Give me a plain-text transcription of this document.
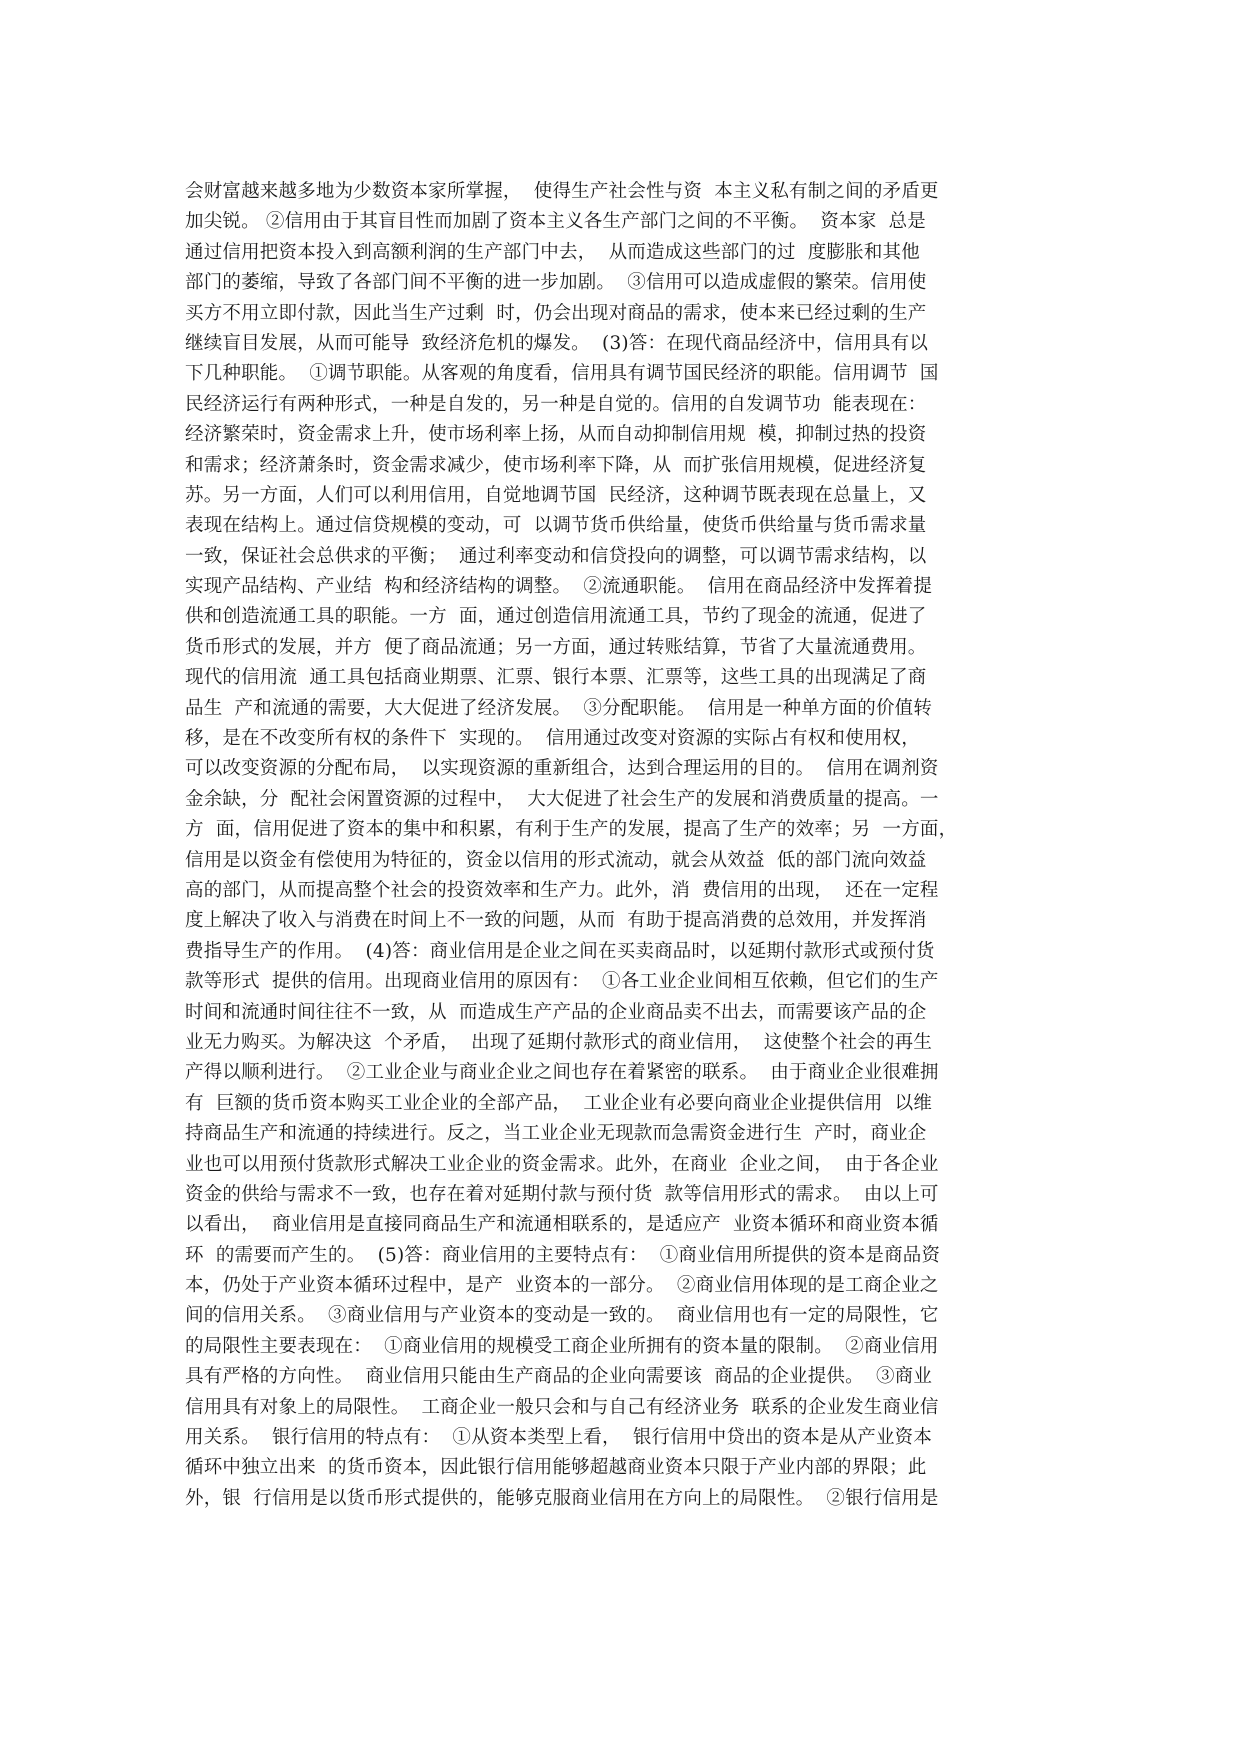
会财富越来越多地为少数资本家所掌握，  使得生产社会性与资  本主义私有制之间的矛盾更
加尖锐。 ②信用由于其盲目性而加剧了资本主义各生产部门之间的不平衡。  资本家  总是
通过信用把资本投入到高额利润的生产部门中去，  从而造成这些部门的过  度膨胀和其他
部门的萎缩，导致了各部门间不平衡的进一步加剧。  ③信用可以造成虚假的繁荣。信用使
买方不用立即付款，因此当生产过剩  时，仍会出现对商品的需求，使本来已经过剩的生产
继续盲目发展，从而可能导  致经济危机的爆发。  (3)答：在现代商品经济中，信用具有以
下几种职能。  ①调节职能。从客观的角度看，信用具有调节国民经济的职能。信用调节  国
民经济运行有两种形式，一种是自发的，另一种是自觉的。信用的自发调节功  能表现在：
经济繁荣时，资金需求上升，使市场利率上扬，从而自动抑制信用规  模，抑制过热的投资
和需求；经济萧条时，资金需求减少，使市场利率下降，从  而扩张信用规模，促进经济复
苏。另一方面，人们可以利用信用，自觉地调节国  民经济，这种调节既表现在总量上，又
表现在结构上。通过信贷规模的变动，可  以调节货币供给量，使货币供给量与货币需求量
一致，保证社会总供求的平衡；  通过利率变动和信贷投向的调整，可以调节需求结构，以
实现产品结构、产业结  构和经济结构的调整。  ②流通职能。  信用在商品经济中发挥着提
供和创造流通工具的职能。一方  面，通过创造信用流通工具，节约了现金的流通，促进了
货币形式的发展，并方  便了商品流通；另一方面，通过转账结算，节省了大量流通费用。
现代的信用流  通工具包括商业期票、汇票、银行本票、汇票等，这些工具的出现满足了商
品生  产和流通的需要，大大促进了经济发展。  ③分配职能。  信用是一种单方面的价值转
移，是在不改变所有权的条件下  实现的。  信用通过改变对资源的实际占有权和使用权，
可以改变资源的分配布局，  以实现资源的重新组合，达到合理运用的目的。  信用在调剂资
金余缺，分  配社会闲置资源的过程中，  大大促进了社会生产的发展和消费质量的提高。一
方  面，信用促进了资本的集中和积累，有利于生产的发展，提高了生产的效率；另  一方面，
信用是以资金有偿使用为特征的，资金以信用的形式流动，就会从效益  低的部门流向效益
高的部门，从而提高整个社会的投资效率和生产力。此外，消  费信用的出现，  还在一定程
度上解决了收入与消费在时间上不一致的问题，从而  有助于提高消费的总效用，并发挥消
费指导生产的作用。  (4)答：商业信用是企业之间在买卖商品时，以延期付款形式或预付货
款等形式  提供的信用。出现商业信用的原因有：  ①各工业企业间相互依赖，但它们的生产
时间和流通时间往往不一致，从  而造成生产产品的企业商品卖不出去，而需要该产品的企
业无力购买。为解决这  个矛盾，  出现了延期付款形式的商业信用，  这使整个社会的再生
产得以顺利进行。  ②工业企业与商业企业之间也存在着紧密的联系。  由于商业企业很难拥
有  巨额的货币资本购买工业企业的全部产品，  工业企业有必要向商业企业提供信用  以维
持商品生产和流通的持续进行。反之，当工业企业无现款而急需资金进行生  产时，商业企
业也可以用预付货款形式解决工业企业的资金需求。此外，在商业  企业之间，  由于各企业
资金的供给与需求不一致，也存在着对延期付款与预付货  款等信用形式的需求。  由以上可
以看出，  商业信用是直接同商品生产和流通相联系的，是适应产  业资本循环和商业资本循
环  的需要而产生的。  (5)答：商业信用的主要特点有：  ①商业信用所提供的资本是商品资
本，仍处于产业资本循环过程中，是产  业资本的一部分。  ②商业信用体现的是工商企业之
间的信用关系。  ③商业信用与产业资本的变动是一致的。  商业信用也有一定的局限性，它
的局限性主要表现在：  ①商业信用的规模受工商企业所拥有的资本量的限制。  ②商业信用
具有严格的方向性。  商业信用只能由生产商品的企业向需要该  商品的企业提供。  ③商业
信用具有对象上的局限性。  工商企业一般只会和与自己有经济业务  联系的企业发生商业信
用关系。  银行信用的特点有：  ①从资本类型上看，  银行信用中贷出的资本是从产业资本
循环中独立出来  的货币资本，因此银行信用能够超越商业资本只限于产业内部的界限；此
外，银  行信用是以货币形式提供的，能够克服商业信用在方向上的局限性。  ②银行信用是
